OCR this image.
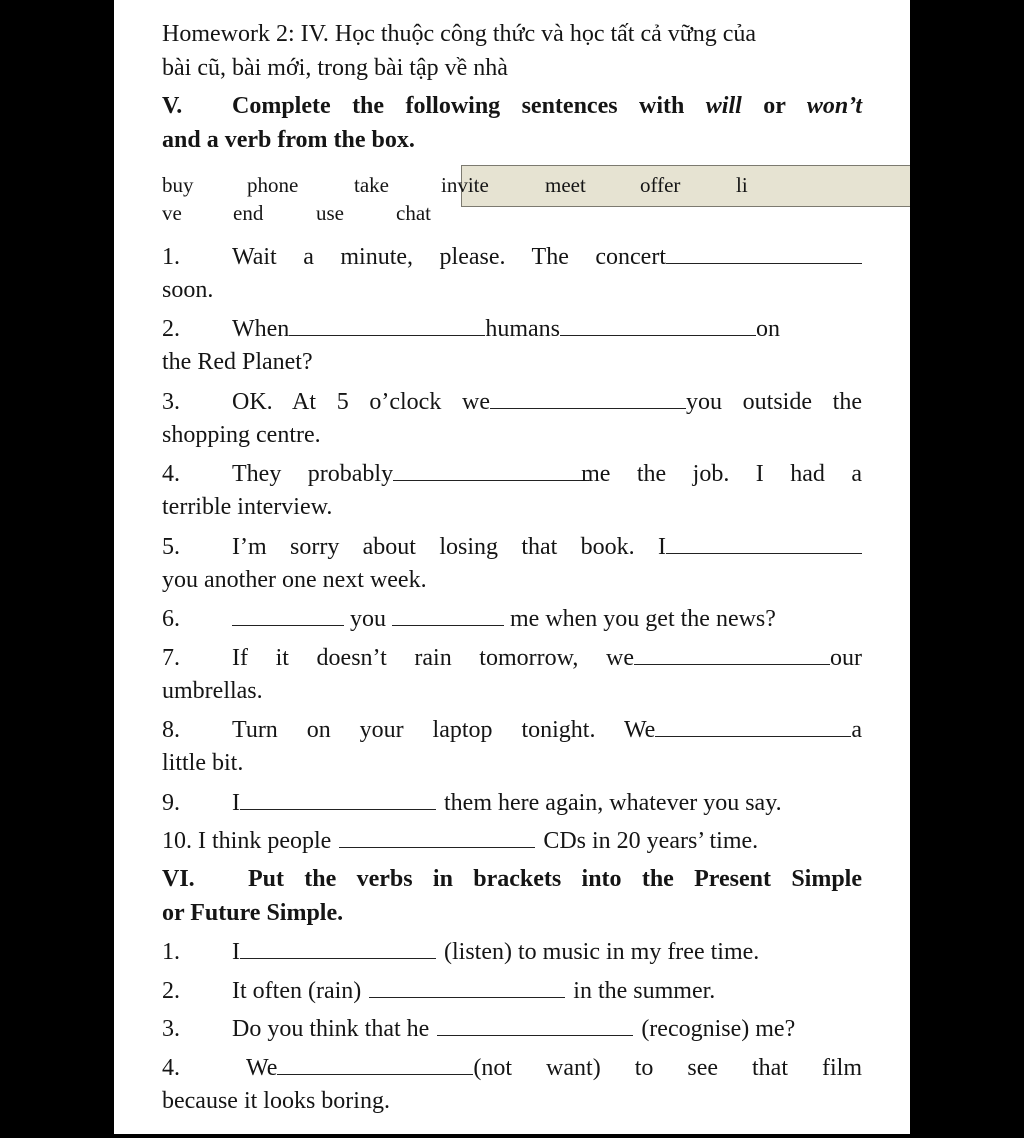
Homework 2: IV. Học thuộc công thức và học tất cả vững của

bài cũ, bài mới, trong bài tập về nhà

V. Complete the following sentences with will or won’t

and a verb from the box.

buy	phone	take invite	meet	offer	li
ve end	use chat

1. Wait a minute, please. The concert

soon.

2. When	humans	on

the Red Planet?

3. OK. At 5 o’clock we	you outside the

shopping centre.

4. They probably	me the job. I had a

terrible interview.

5. I’m sorry about losing that book. I

you another one next week.

6.	you	me when you get the news?

7. If it doesn’t rain tomorrow, we	our

umbrellas.

8. Turn on your laptop tonight. We	a

little bit.

9. I	them here again, whatever you say.

10. I think people	CDs in 20 years’ time.

VI. Put the verbs in brackets into the Present Simple

or Future Simple.

1. I	(listen) to music in my free time.

2. It often (rain)	in the summer.

3. Do you think that he	(recognise) me?

4.	We	(not want) to see that film

because it looks boring.
